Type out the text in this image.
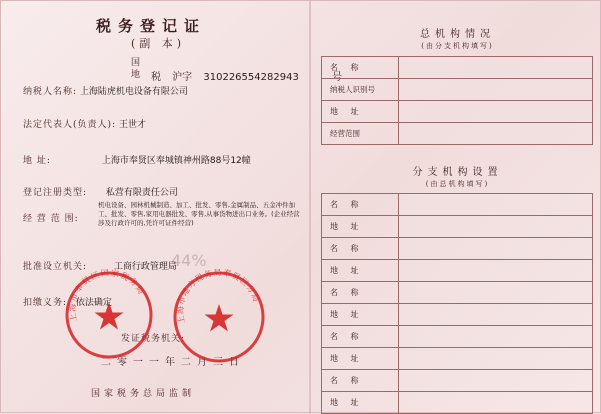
税务登记证
(副 本)
国
地 税 沪字 310226554282943	号
纳税人名称: 上海陆虎机电设备有限公司
法定代表人(负责人): 王世才
地 址:	上海市奉贤区奉城镇神州路88号12幢
登记注册类型: 私营有限责任公司
经 营 范 围:
机电设备、园林机械制造、加工、批发、零售,金属制品、五金冲件加工、批发、零售,家用电器批发、零售,从事货物进出口业务。(企业经营涉及行政许可的,凭许可证件经营)
44%
批准设立机关:	工商行政管理局
扣缴义务: 依法确定
发证税务机关:
二零一一年二月三日
国家税务总局监制
上海市奉贤区国家税务局
上海市地方税务局奉贤区分局
总机构情况
(由分支机构填写)
名 称	
纳税人识别号	
地 址	
经营范围	
分支机构设置
(由总机构填写)
名 称	
地 址	
名 称	
地 址	
名 称	
地 址	
名 称	
地 址	
名 称	
地 址	
